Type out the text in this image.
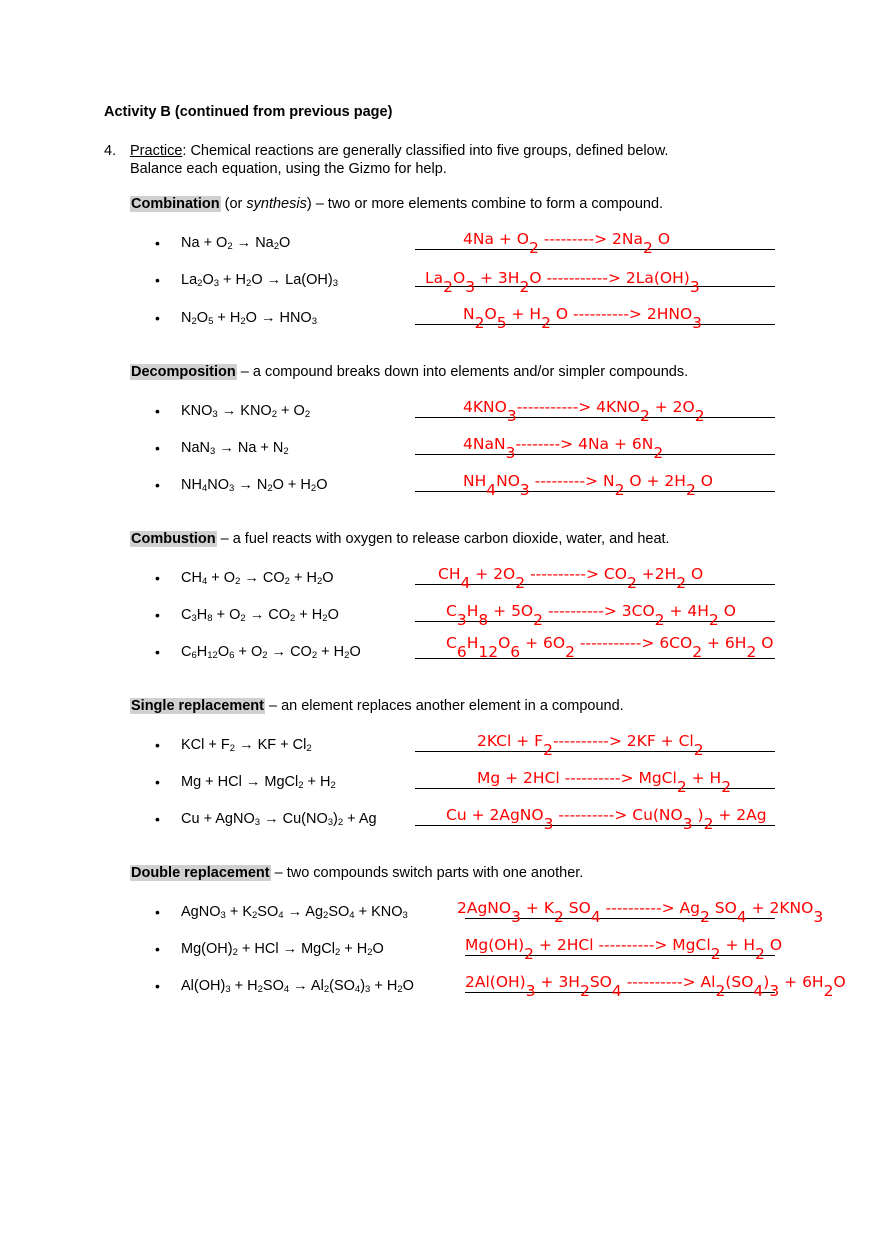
Activity B (continued from previous page)
4. Practice: Chemical reactions are generally classified into five groups, defined below.
Balance each equation, using the Gizmo for help.
Combination (or synthesis) – two or more elements combine to form a compound.
Decomposition – a compound breaks down into elements and/or simpler compounds.
Combustion – a fuel reacts with oxygen to release carbon dioxide, water, and heat.
Single replacement – an element replaces another element in a compound.
Double replacement – two compounds switch parts with one another.
• $Na + O_2 \to Na_2O$	$4Na + O_2$ ---------> $2Na_2$ O
• $La_2O_3 + H_2O \to La(OH)_3$	$La_2O_3 + 3H_2O$ -----------> $2La(OH)_3$
• $N_2O_5 + H_2O \to HNO_3$	$N_2O_5 + H_2$ O ----------> $2HNO_3$
• $KNO_3 \to KNO_2 + O_2$	$4KNO_3-----------> 4KNO_2 + 2O_2$
• $NaN_3 \to Na + N_2$	$4NaN_3--------> 4Na + 6N_2$
• $NH_4NO_3 \to N_2O + H_2O$	$NH_4NO_3$ ---------> $N_2$ $O + 2H_2$ O
• $CH_4 + O_2 \to CO_2 + H_2O$	$CH_4 + 2O_2$ ----------> $CO_2 +2H_2$ O
• $C_3H_8 + O_2 \to CO_2 + H_2O$	$C_3H_8 + 5O_2$ ----------> $3CO_2 + 4H_2$ O
• $C_6H_{12}O_6 + O_2 \to CO_2 + H_2O$	$C_6H_{12}O_6 + 6O_2$ -----------> $6CO_2 + 6H_2$ O
• KCl + $F_2$ → KF + $Cl_2$	$2KCl + F_2----------> 2KF + Cl_2$
• Mg + HCl → MgCl$_2$ + $H_2$	Mg + 2HCl ----------> MgCl$_2$ + $H_2$
• Cu + AgNO$_3$ → $Cu(NO_3)_2 + Ag$	Cu + 2AgNO$_3$ ----------> $Cu(NO_3$ )$_2 + 2Ag$
• AgNO$_3$ + $K_2SO_4 \to Ag_2SO_4 + KNO_3$	2AgNO$_3$ + $K_2$ $SO_4$ ----------> $Ag_2$ $SO_4 + 2KNO_3$
• $Mg(OH)_2$ + HCl → MgCl$_2$ + $H_2O$	$Mg(OH)_2 + 2HCl$ ----------> MgCl$_2$ + $H_2$ O
• $Al(OH)_3 + H_2SO_4 \to Al_2(SO_4)_3 + H_2O$	$2Al(OH)_3 + 3H_2SO_4$ ----------> $Al_2(SO_4)_3 + 6H_2O$
